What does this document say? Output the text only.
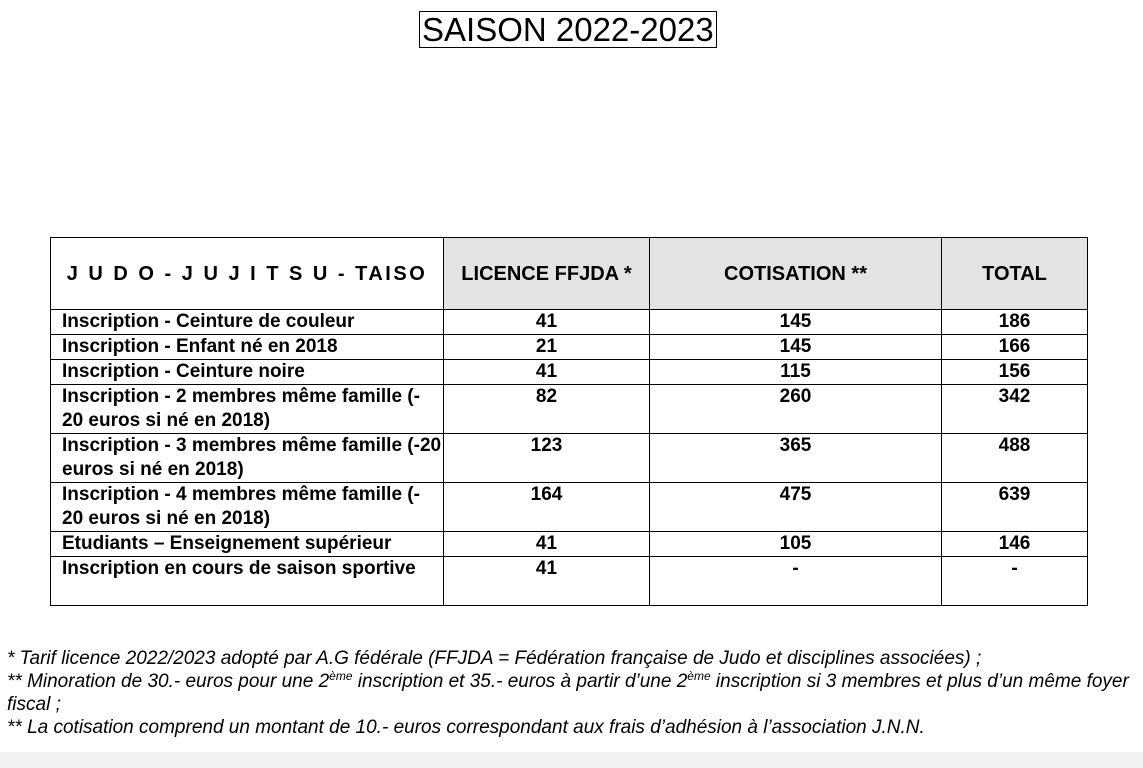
SAISON 2022-2023
J U D O - J U J I T S U - TAISO	LICENCE FFJDA *	COTISATION **	TOTAL
Inscription - Ceinture de couleur	41	145	186
Inscription - Enfant né en 2018	21	145	166
Inscription - Ceinture noire	41	115	156
Inscription - 2 membres même famille (- 20 euros si né en 2018)	82	260	342
Inscription - 3 membres même famille (-20 euros si né en 2018)	123	365	488
Inscription - 4 membres même famille (- 20 euros si né en 2018)	164	475	639
Etudiants – Enseignement supérieur	41	105	146
Inscription en cours de saison sportive	41	-	-

* Tarif licence 2022/2023 adopté par A.G fédérale (FFJDA = Fédération française de Judo et disciplines associées) ;

** Minoration de 30.- euros pour une 2ème inscription et 35.- euros à partir d’une 2ème inscription si 3 membres et plus d’un même foyer fiscal ;

** La cotisation comprend un montant de 10.- euros correspondant aux frais d’adhésion à l’association J.N.N.
